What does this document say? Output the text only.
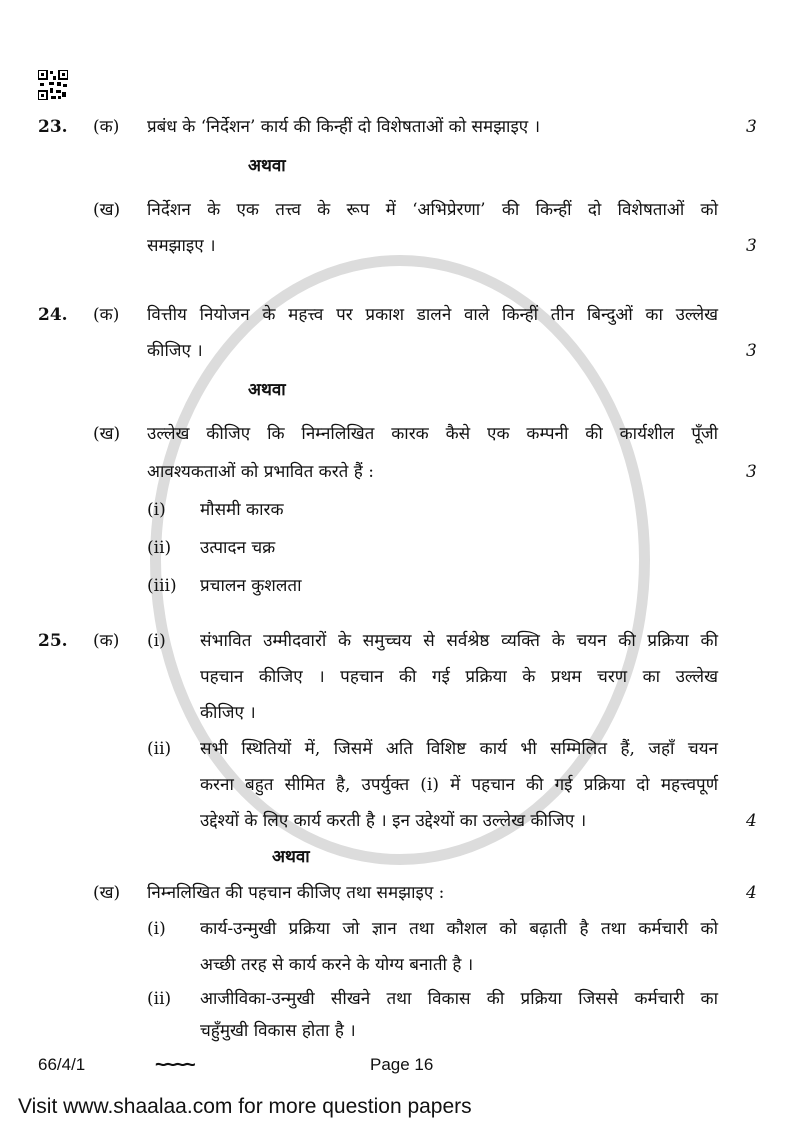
23.	(क)	प्रबंध के ‘निर्देशन’ कार्य की किन्हीं दो विशेषताओं को समझाइए ।	3
अथवा
(ख)	निर्देशन के एक तत्त्व के रूप में ‘अभिप्रेरणा’ की किन्हीं दो विशेषताओं को
समझाइए ।	3
24.	(क)	वित्तीय नियोजन के महत्त्व पर प्रकाश डालने वाले किन्हीं तीन बिन्दुओं का उल्लेख
कीजिए ।	3
अथवा
(ख)	उल्लेख कीजिए कि निम्नलिखित कारक कैसे एक कम्पनी की कार्यशील पूँजी
आवश्यकताओं को प्रभावित करते हैं :	3
(i)	मौसमी कारक
(ii)	उत्पादन चक्र
(iii)	प्रचालन कुशलता
25.	(क)	(i)	संभावित उम्मीदवारों के समुच्चय से सर्वश्रेष्ठ व्यक्ति के चयन की प्रक्रिया की
पहचान कीजिए । पहचान की गई प्रक्रिया के प्रथम चरण का उल्लेख
कीजिए ।
(ii)	सभी स्थितियों में, जिसमें अति विशिष्ट कार्य भी सम्मिलित हैं, जहाँ चयन
करना बहुत सीमित है, उपर्युक्त (i) में पहचान की गई प्रक्रिया दो महत्त्वपूर्ण
उद्देश्यों के लिए कार्य करती है । इन उद्देश्यों का उल्लेख कीजिए ।	4
अथवा
(ख)	निम्नलिखित की पहचान कीजिए तथा समझाइए :	4
(i)	कार्य-उन्मुखी प्रक्रिया जो ज्ञान तथा कौशल को बढ़ाती है तथा कर्मचारी को
अच्छी तरह से कार्य करने के योग्य बनाती है ।
(ii)	आजीविका-उन्मुखी सीखने तथा विकास की प्रक्रिया जिससे कर्मचारी का
चहुँमुखी विकास होता है ।
66/4/1	~~~~	Page 16
Visit www.shaalaa.com for more question papers
